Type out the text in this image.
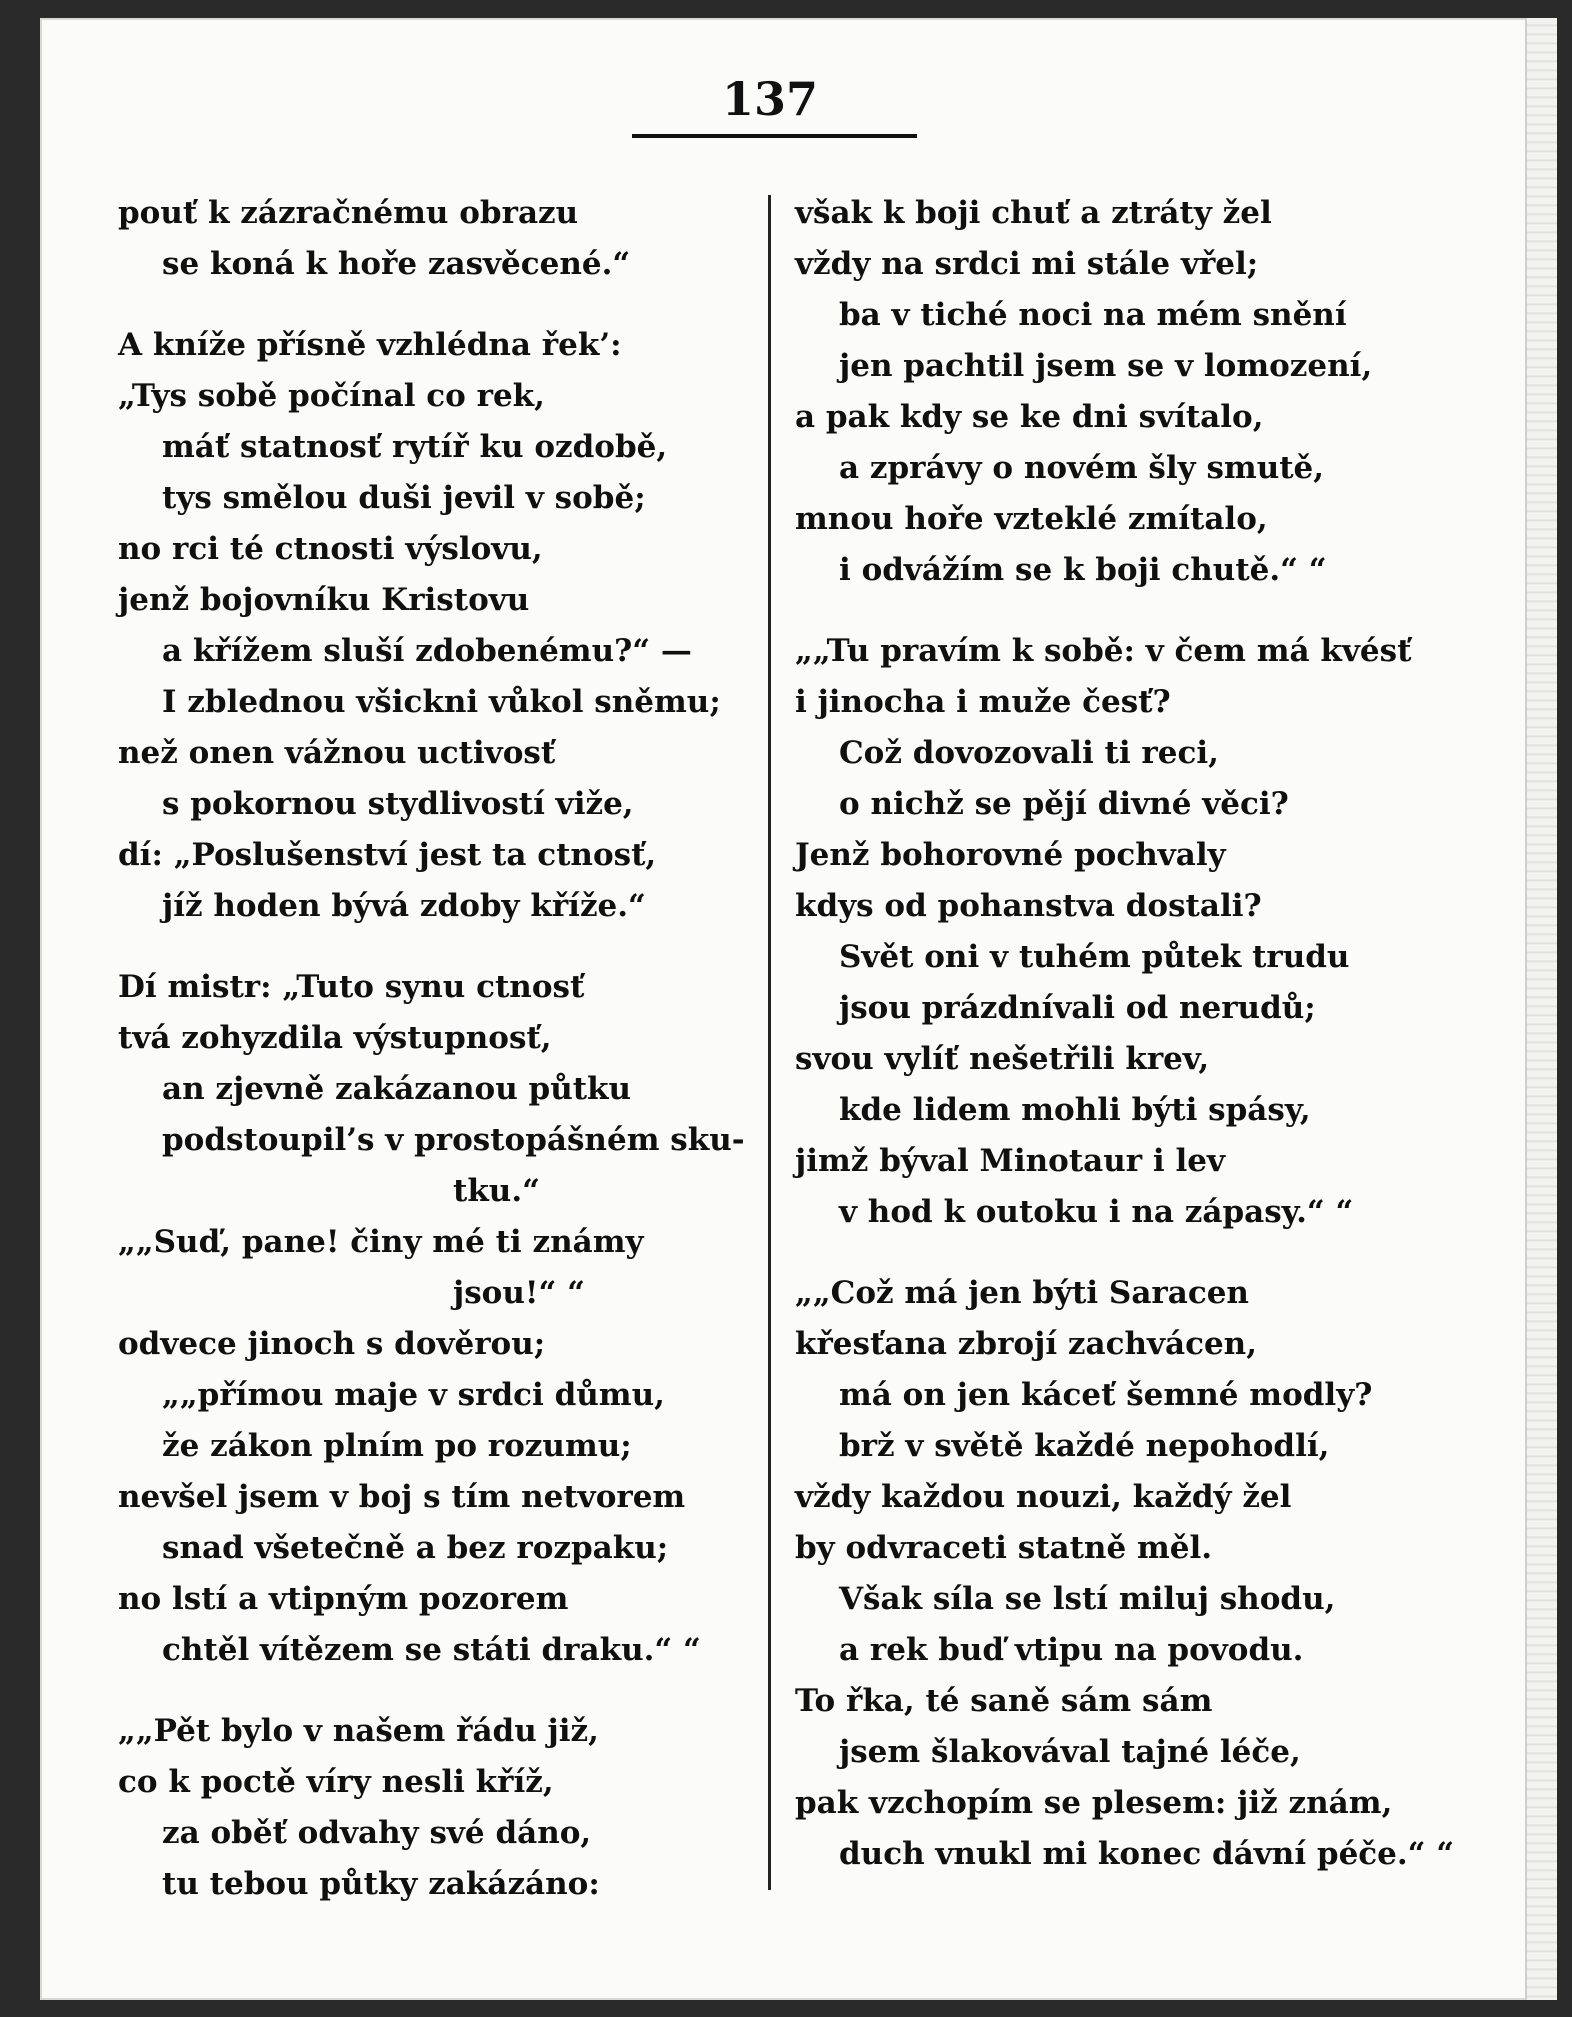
137
pouť k zázračnému obrazu
se koná k hoře zasvěcené.“
A kníže přísně vzhlédna řek’:
„Tys sobě počínal co rek,
máť statnosť rytíř ku ozdobě,
tys smělou duši jevil v sobě;
no rci té ctnosti výslovu,
jenž bojovníku Kristovu
a křížem sluší zdobenému?“ —
I zblednou všickni vůkol sněmu;
než onen vážnou uctivosť
s pokornou stydlivostí viže,
dí: „Poslušenství jest ta ctnosť,
jíž hoden bývá zdoby kříže.“
Dí mistr: „Tuto synu ctnosť
tvá zohyzdila výstupnosť,
an zjevně zakázanou půtku
podstoupil’s v prostopášném sku-
tku.“
„„Suď, pane! činy mé ti známy
jsou!“ “
odvece jinoch s dověrou;
„„přímou maje v srdci důmu,
že zákon plním po rozumu;
nevšel jsem v boj s tím netvorem
snad všetečně a bez rozpaku;
no lstí a vtipným pozorem
chtěl vítězem se státi draku.“ “
„„Pět bylo v našem řádu již,
co k poctě víry nesli kříž,
za oběť odvahy své dáno,
tu tebou půtky zakázáno:
však k boji chuť a ztráty žel
vždy na srdci mi stále vřel;
ba v tiché noci na mém snění
jen pachtil jsem se v lomození,
a pak kdy se ke dni svítalo,
a zprávy o novém šly smutě,
mnou hoře vzteklé zmítalo,
i odvážím se k boji chutě.“ “
„„Tu pravím k sobě: v čem má kvésť
i jinocha i muže česť?
Což dovozovali ti reci,
o nichž se pějí divné věci?
Jenž bohorovné pochvaly
kdys od pohanstva dostali?
Svět oni v tuhém půtek trudu
jsou prázdnívali od nerudů;
svou vylíť nešetřili krev,
kde lidem mohli býti spásy,
jimž býval Minotaur i lev
v hod k outoku i na zápasy.“ “
„„Což má jen býti Saracen
křesťana zbrojí zachvácen,
má on jen káceť šemné modly?
brž v světě každé nepohodlí,
vždy každou nouzi, každý žel
by odvraceti statně měl.
Však síla se lstí miluj shodu,
a rek buď vtipu na povodu.
To řka, té saně sám sám
jsem šlakovával tajné léče,
pak vzchopím se plesem: již znám,
duch vnukl mi konec dávní péče.“ “
